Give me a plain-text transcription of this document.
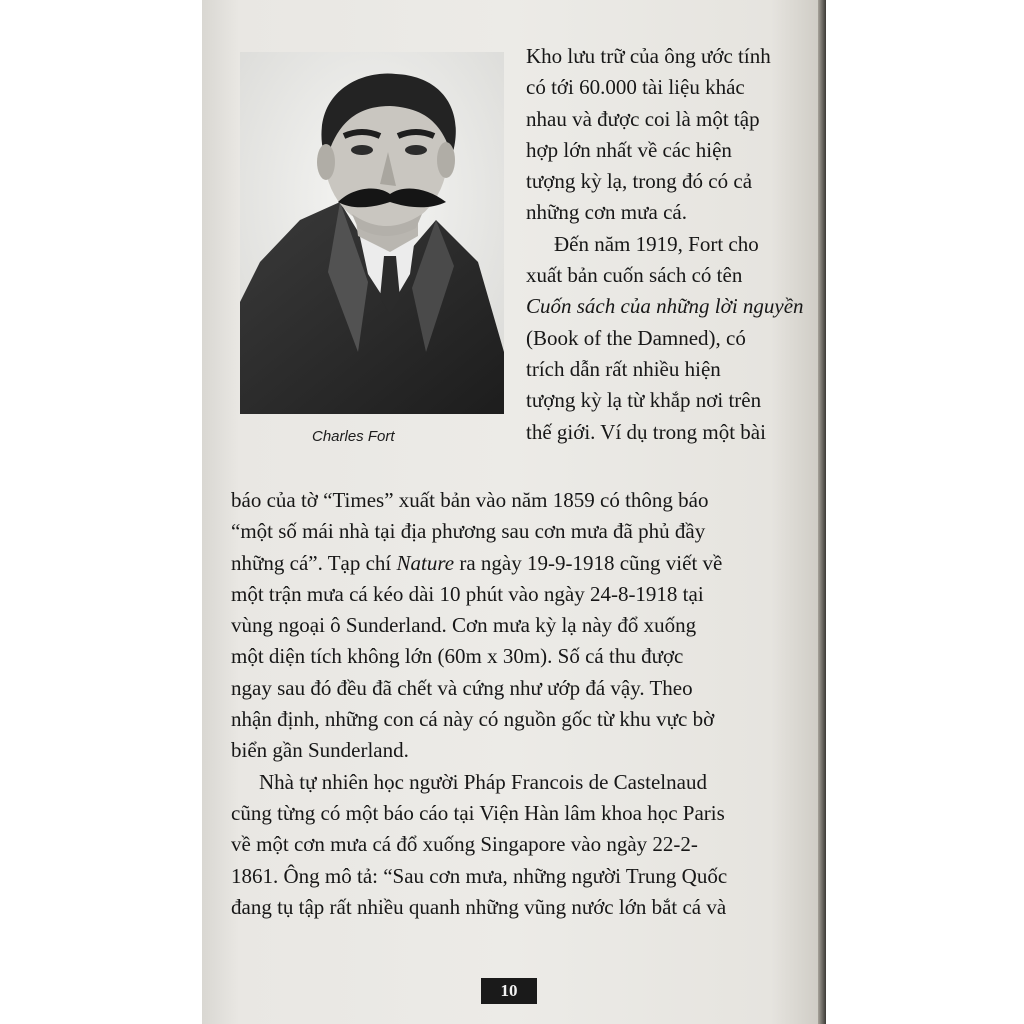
Charles Fort
Kho lưu trữ của ông ước tính
có tới 60.000 tài liệu khác
nhau và được coi là một tập
hợp lớn nhất về các hiện
tượng kỳ lạ, trong đó có cả
những cơn mưa cá.
Đến năm 1919, Fort cho
xuất bản cuốn sách có tên
Cuốn sách của những lời nguyền
(Book of the Damned), có
trích dẫn rất nhiều hiện
tượng kỳ lạ từ khắp nơi trên
thế giới. Ví dụ trong một bài
báo của tờ “Times” xuất bản vào năm 1859 có thông báo
“một số mái nhà tại địa phương sau cơn mưa đã phủ đầy
những cá”. Tạp chí Nature ra ngày 19-9-1918 cũng viết về
một trận mưa cá kéo dài 10 phút vào ngày 24-8-1918 tại
vùng ngoại ô Sunderland. Cơn mưa kỳ lạ này đổ xuống
một diện tích không lớn (60m x 30m). Số cá thu được
ngay sau đó đều đã chết và cứng như ướp đá vậy. Theo
nhận định, những con cá này có nguồn gốc từ khu vực bờ
biển gần Sunderland.
Nhà tự nhiên học người Pháp Francois de Castelnaud
cũng từng có một báo cáo tại Viện Hàn lâm khoa học Paris
về một cơn mưa cá đổ xuống Singapore vào ngày 22-2-
1861. Ông mô tả: “Sau cơn mưa, những người Trung Quốc
đang tụ tập rất nhiều quanh những vũng nước lớn bắt cá và
10
